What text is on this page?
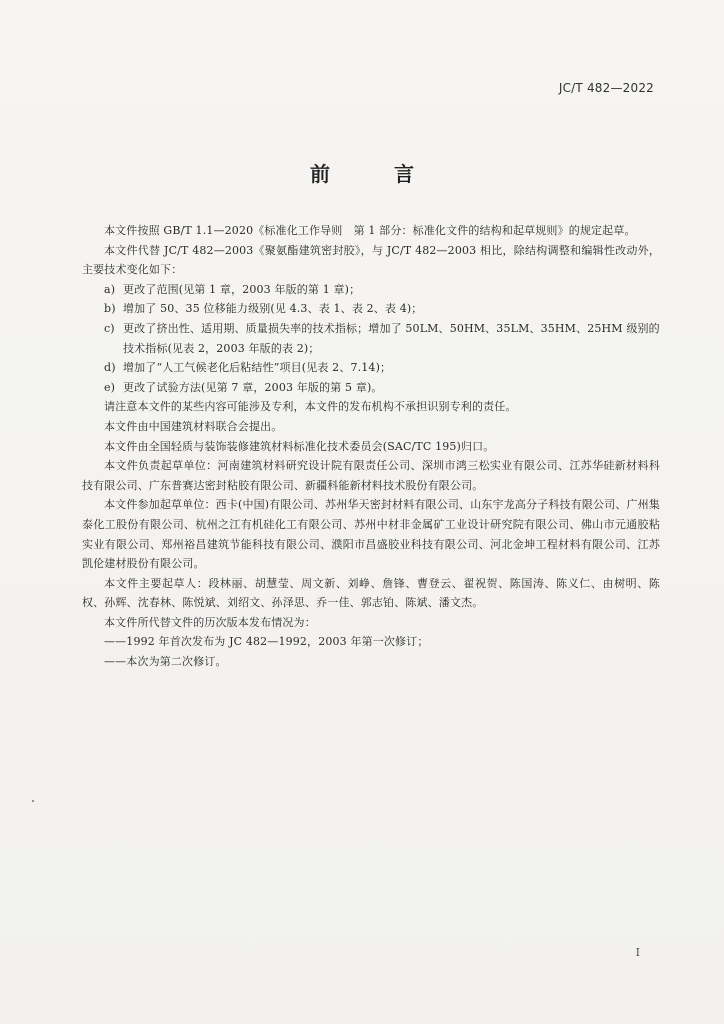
JC/T 482—2022
前　言

本文件按照 GB/T 1.1—2020《标准化工作导则　第 1 部分：标准化文件的结构和起草规则》的规定起草。

本文件代替 JC/T 482—2003《聚氨酯建筑密封胶》，与 JC/T 482—2003 相比，除结构调整和编辑性改动外，主要技术变化如下：

a) 更改了范围(见第 1 章，2003 年版的第 1 章)；

b) 增加了 50、35 位移能力级别(见 4.3、表 1、表 2、表 4)；

c) 更改了挤出性、适用期、质量损失率的技术指标；增加了 50LM、50HM、35LM、35HM、25HM 级别的技术指标(见表 2，2003 年版的表 2)；

d) 增加了“人工气候老化后粘结性”项目(见表 2、7.14)；

e) 更改了试验方法(见第 7 章，2003 年版的第 5 章)。

请注意本文件的某些内容可能涉及专利，本文件的发布机构不承担识别专利的责任。

本文件由中国建筑材料联合会提出。

本文件由全国轻质与装饰装修建筑材料标准化技术委员会(SAC/TC 195)归口。

本文件负责起草单位：河南建筑材料研究设计院有限责任公司、深圳市鸿三松实业有限公司、江苏华硅新材料科技有限公司、广东普赛达密封粘胶有限公司、新疆科能新材料技术股份有限公司。

本文件参加起草单位：西卡(中国)有限公司、苏州华天密封材料有限公司、山东宇龙高分子科技有限公司、广州集泰化工股份有限公司、杭州之江有机硅化工有限公司、苏州中材非金属矿工业设计研究院有限公司、佛山市元通胶粘实业有限公司、郑州裕昌建筑节能科技有限公司、濮阳市昌盛胶业科技有限公司、河北金坤工程材料有限公司、江苏凯伦建材股份有限公司。

本文件主要起草人：段林丽、胡慧莹、周文新、刘峥、詹锋、曹登云、翟祝贺、陈国涛、陈义仁、由树明、陈权、孙辉、沈春林、陈悦斌、刘绍文、孙泽思、乔一佳、郭志铂、陈斌、潘文杰。

本文件所代替文件的历次版本发布情况为：

——1992 年首次发布为 JC 482—1992，2003 年第一次修订；

——本次为第二次修订。

I
